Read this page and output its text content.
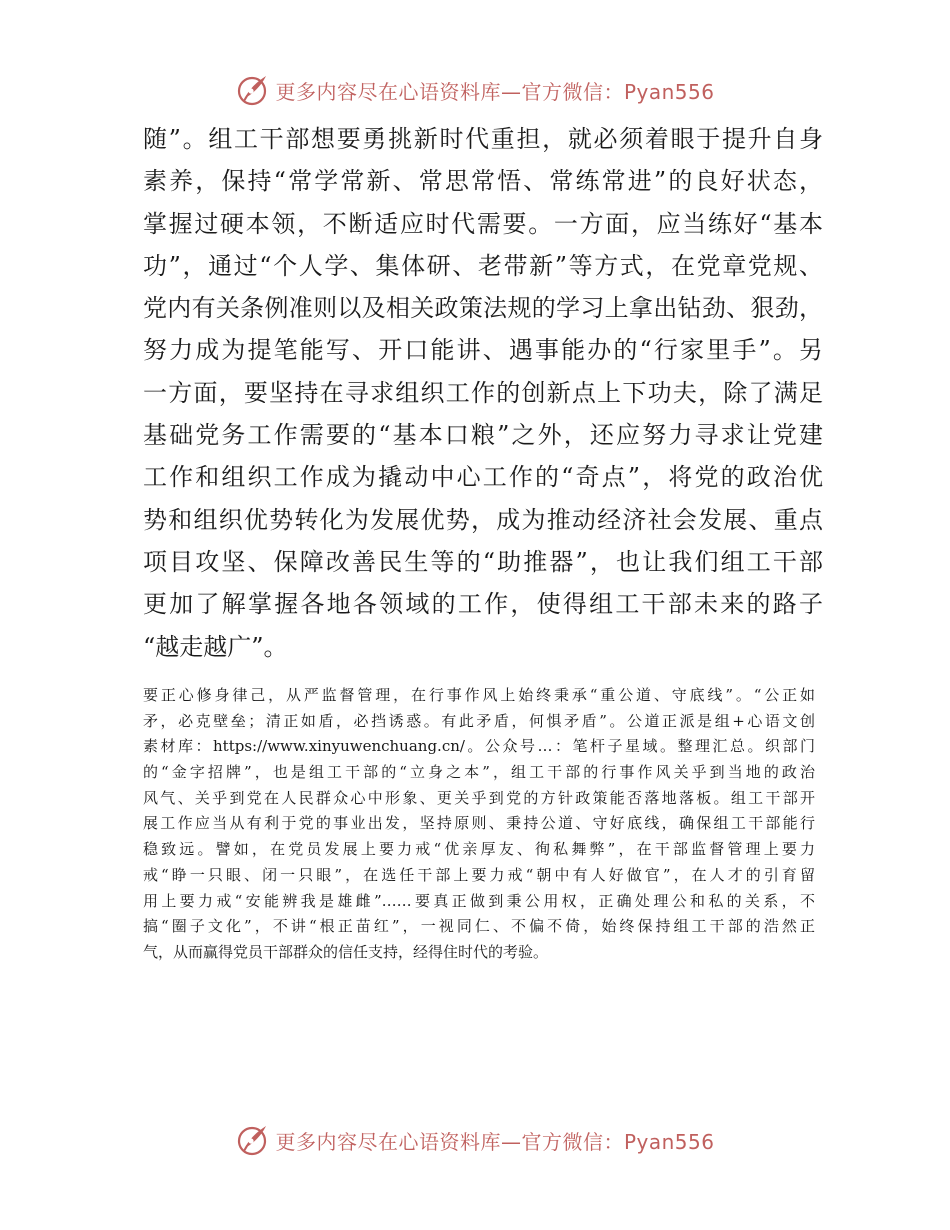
更多内容尽在心语资料库—官方微信：Pyan556
随”。组工干部想要勇挑新时代重担，就必须着眼于提升自身
素养，保持“常学常新、常思常悟、常练常进”的良好状态，
掌握过硬本领，不断适应时代需要。一方面，应当练好“基本
功”，通过“个人学、集体研、老带新”等方式，在党章党规、
党内有关条例准则以及相关政策法规的学习上拿出钻劲、狠劲，
努力成为提笔能写、开口能讲、遇事能办的“行家里手”。另
一方面，要坚持在寻求组织工作的创新点上下功夫，除了满足
基础党务工作需要的“基本口粮”之外，还应努力寻求让党建
工作和组织工作成为撬动中心工作的“奇点”，将党的政治优
势和组织优势转化为发展优势，成为推动经济社会发展、重点
项目攻坚、保障改善民生等的“助推器”，也让我们组工干部
更加了解掌握各地各领域的工作，使得组工干部未来的路子
“越走越广”。
要正心修身律己，从严监督管理，在行事作风上始终秉承“重公道、守底线”。“公正如
矛，必克壁垒；清正如盾，必挡诱惑。有此矛盾，何惧矛盾”。公道正派是组+心语文创
素材库：https://www.xinyuwenchuang.cn/。公众号…：笔杆子星域。整理汇总。织部门
的“金字招牌”，也是组工干部的“立身之本”，组工干部的行事作风关乎到当地的政治
风气、关乎到党在人民群众心中形象、更关乎到党的方针政策能否落地落板。组工干部开
展工作应当从有利于党的事业出发，坚持原则、秉持公道、守好底线，确保组工干部能行
稳致远。譬如，在党员发展上要力戒“优亲厚友、徇私舞弊”，在干部监督管理上要力
戒“睁一只眼、闭一只眼”，在选任干部上要力戒“朝中有人好做官”，在人才的引育留
用上要力戒“安能辨我是雄雌”……要真正做到秉公用权，正确处理公和私的关系，不
搞“圈子文化”，不讲“根正苗红”，一视同仁、不偏不倚，始终保持组工干部的浩然正
气，从而赢得党员干部群众的信任支持，经得住时代的考验。
更多内容尽在心语资料库—官方微信：Pyan556
